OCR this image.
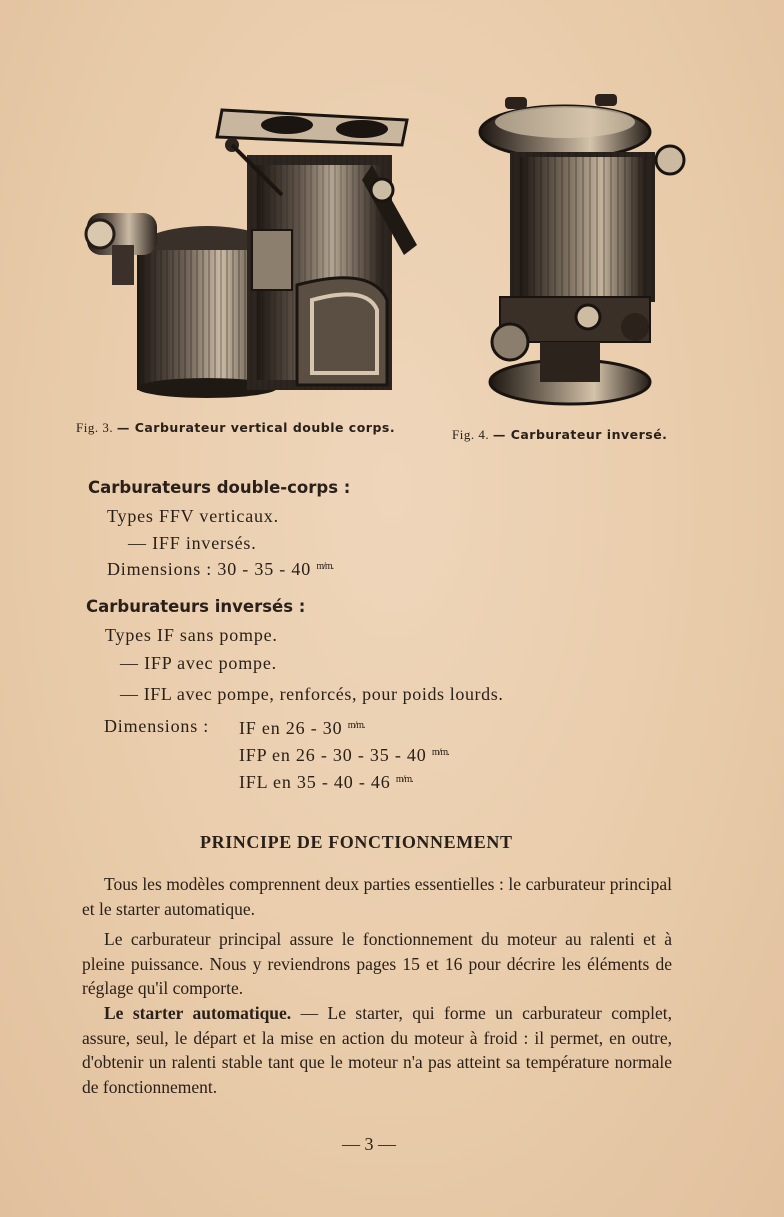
Fig. 3. — Carburateur vertical double corps.	Fig. 4. — Carburateur inversé.
Carburateurs double-corps :
Types FFV verticaux.
— IFF inversés.
Dimensions : 30 - 35 - 40 $^{m/m.}$
Carburateurs inversés :
Types IF sans pompe.
— IFP avec pompe.
— IFL avec pompe, renforcés, pour poids lourds.
Dimensions : IF en 26 - 30 $^{m/m.}$
IFP en 26 - 30 - 35 - 40 $^{m/m.}$
IFL en 35 - 40 - 46 $^{m/m.}$
PRINCIPE DE FONCTIONNEMENT
Tous les modèles comprennent deux parties essentielles : le carburateur principal et le starter automatique.
Le carburateur principal assure le fonctionnement du moteur au ralenti et à pleine puissance. Nous y reviendrons pages 15 et 16 pour décrire les éléments de réglage qu'il comporte.
Le starter automatique. — Le starter, qui forme un carburateur complet, assure, seul, le départ et la mise en action du moteur à froid : il permet, en outre, d'obtenir un ralenti stable tant que le moteur n'a pas atteint sa température normale de fonctionnement.
— 3 —
